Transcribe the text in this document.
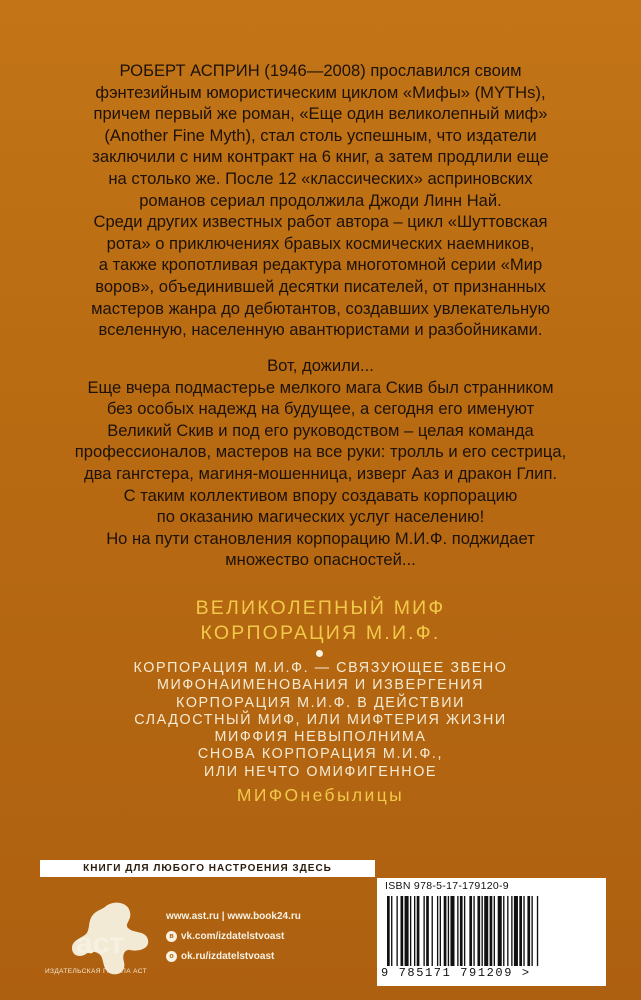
РОБЕРТ АСПРИН (1946—2008) прославился своим
фэнтезийным юмористическим циклом «Мифы» (MYTHs),
причем первый же роман, «Еще один великолепный миф»
(Another Fine Myth), стал столь успешным, что издатели
заключили с ним контракт на 6 книг, а затем продлили еще
на столько же. После 12 «классических» асприновских
романов сериал продолжила Джоди Линн Най.
Среди других известных работ автора – цикл «Шуттовская
рота» о приключениях бравых космических наемников,
а также кропотливая редактура многотомной серии «Мир
воров», объединившей десятки писателей, от признанных
мастеров жанра до дебютантов, создавших увлекательную
вселенную, населенную авантюристами и разбойниками.
Вот, дожили...
Еще вчера подмастерье мелкого мага Скив был странником
без особых надежд на будущее, а сегодня его именуют
Великий Скив и под его руководством – целая команда
профессионалов, мастеров на все руки: тролль и его сестрица,
два гангстера, магиня-мошенница, изверг Ааз и дракон Глип.
С таким коллективом впору создавать корпорацию
по оказанию магических услуг населению!
Но на пути становления корпорацию М.И.Ф. поджидает
множество опасностей...
ВЕЛИКОЛЕПНЫЙ МИФ
КОРПОРАЦИЯ М.И.Ф.
КОРПОРАЦИЯ М.И.Ф. — СВЯЗУЮЩЕЕ ЗВЕНО
МИФОНАИМЕНОВАНИЯ И ИЗВЕРГЕНИЯ
КОРПОРАЦИЯ М.И.Ф. В ДЕЙСТВИИ
СЛАДОСТНЫЙ МИФ, ИЛИ МИФТЕРИЯ ЖИЗНИ
МИФФИЯ НЕВЫПОЛНИМА
СНОВА КОРПОРАЦИЯ М.И.Ф.,
ИЛИ НЕЧТО ОМИФИГЕННОЕ
МИФОнебылицы
КНИГИ ДЛЯ ЛЮБОГО НАСТРОЕНИЯ ЗДЕСЬ
аст
ИЗДАТЕЛЬСКАЯ ГРУППА АСТ
www.ast.ru | www.book24.ru
в vk.com/izdatelstvoast
о ok.ru/izdatelstvoast
ISBN 978-5-17-179120-9
9 785171 791209 >
